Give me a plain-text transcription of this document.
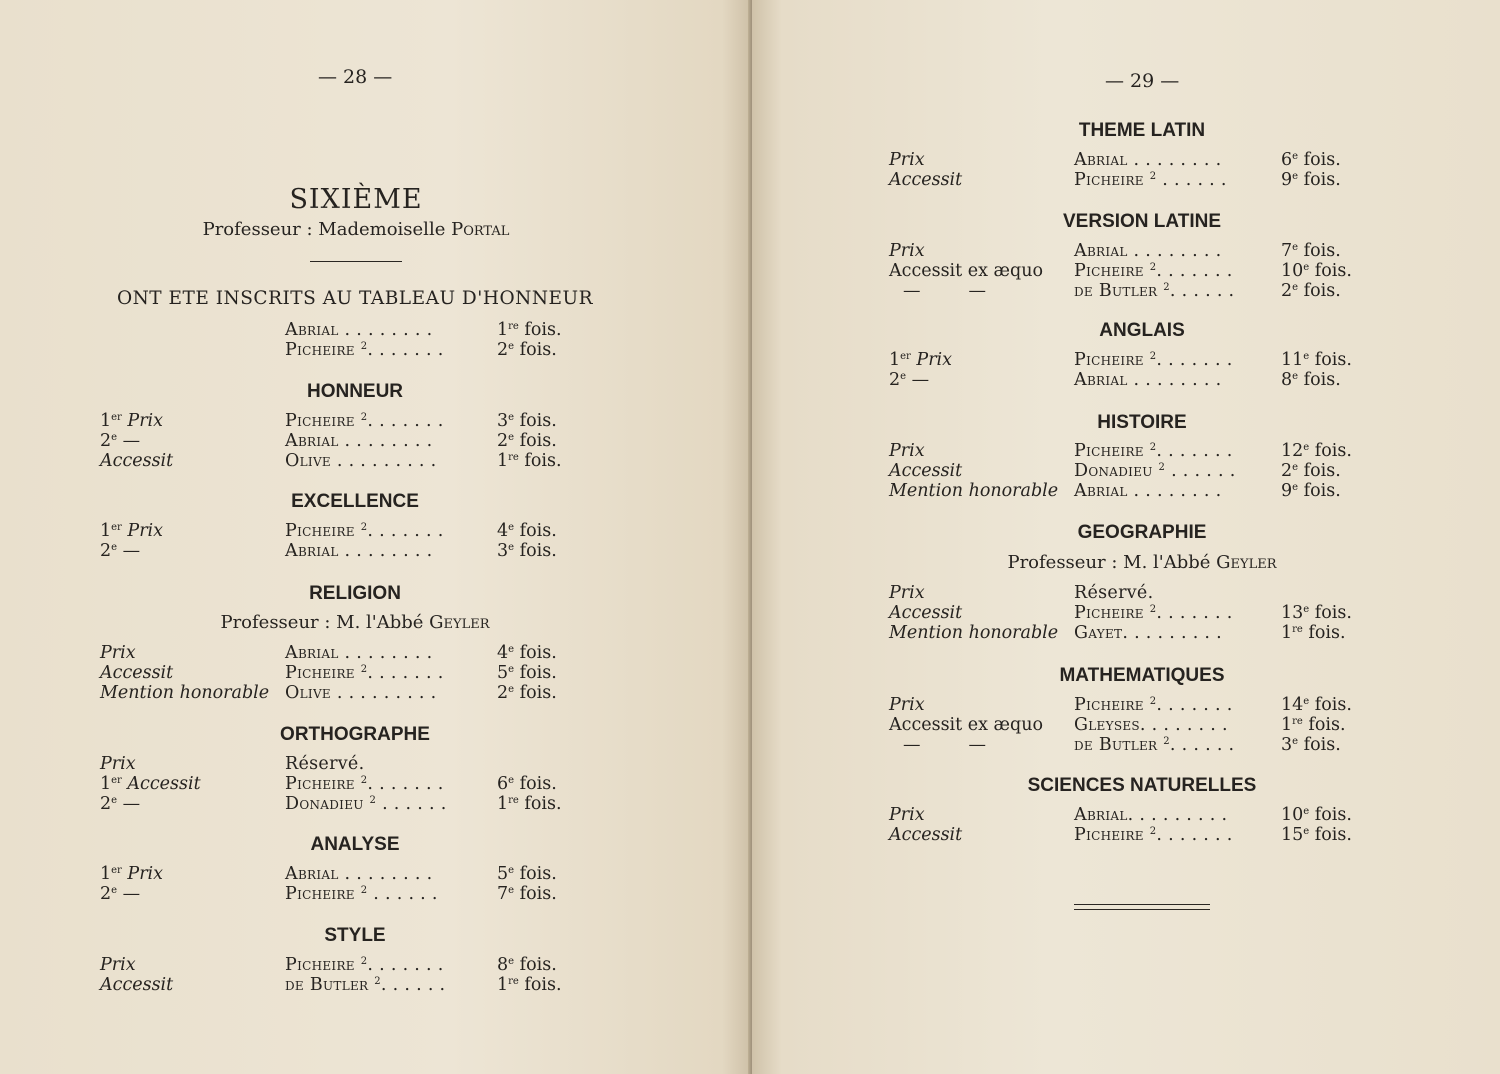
— 28 —
SIXIÈME
Professeur : Mademoiselle Portal
ONT ETE INSCRITS AU TABLEAU D'HONNEUR
Abrial . . . . . . . .	1re fois.
Picheire $^2$. . . . . . .	2e fois.
HONNEUR
1er Prix	Picheire $^2$. . . . . . .	3e fois.
2e —	Abrial . . . . . . . .	2e fois.
Accessit	Olive . . . . . . . . .	1re fois.
EXCELLENCE
1er Prix	Picheire $^2$. . . . . . .	4e fois.
2e —	Abrial . . . . . . . .	3e fois.
RELIGION
Professeur : M. l'Abbé Geyler
Prix	Abrial . . . . . . . .	4e fois.
Accessit	Picheire $^2$. . . . . . .	5e fois.
Mention honorable Olive . . . . . . . . .	2e fois.
ORTHOGRAPHE
Prix	Réservé.
1er Accessit	Picheire $^2$. . . . . . .	6e fois.
2e —	Donadieu $^2$ . . . . . .	1re fois.
ANALYSE
1er Prix	Abrial . . . . . . . .	5e fois.
2e —	Picheire $^2$ . . . . . .	7e fois.
STYLE
Prix	Picheire $^2$. . . . . . .	8e fois.
Accessit	de Butler $^2$. . . . . .	1re fois.
— 29 —
THEME LATIN
Prix	Abrial . . . . . . . .	6e fois.
Accessit	Picheire $^2$ . . . . . .	9e fois.
VERSION LATINE
Prix	Abrial . . . . . . . .	7e fois.
Accessit ex æquo Picheire $^2$. . . . . . .	10e fois.
—	—	de Butler $^2$. . . . . .	2e fois.
ANGLAIS
1er Prix	Picheire $^2$. . . . . . .	11e fois.
2e —	Abrial . . . . . . . .	8e fois.
HISTOIRE
Prix	Picheire $^2$. . . . . . .	12e fois.
Accessit	Donadieu $^2$ . . . . . .	2e fois.
Mention honorable Abrial . . . . . . . .	9e fois.
GEOGRAPHIE
Professeur : M. l'Abbé Geyler
Prix	Réservé.
Accessit	Picheire $^2$. . . . . . .	13e fois.
Mention honorable Gayet. . . . . . . . .	1re fois.
MATHEMATIQUES
Prix	Picheire $^2$. . . . . . .	14e fois.
Accessit ex æquo Gleyses. . . . . . . .	1re fois.
—	—	de Butler $^2$. . . . . .	3e fois.
SCIENCES NATURELLES
Prix	Abrial. . . . . . . . .	10e fois.
Accessit	Picheire $^2$. . . . . . .	15e fois.
